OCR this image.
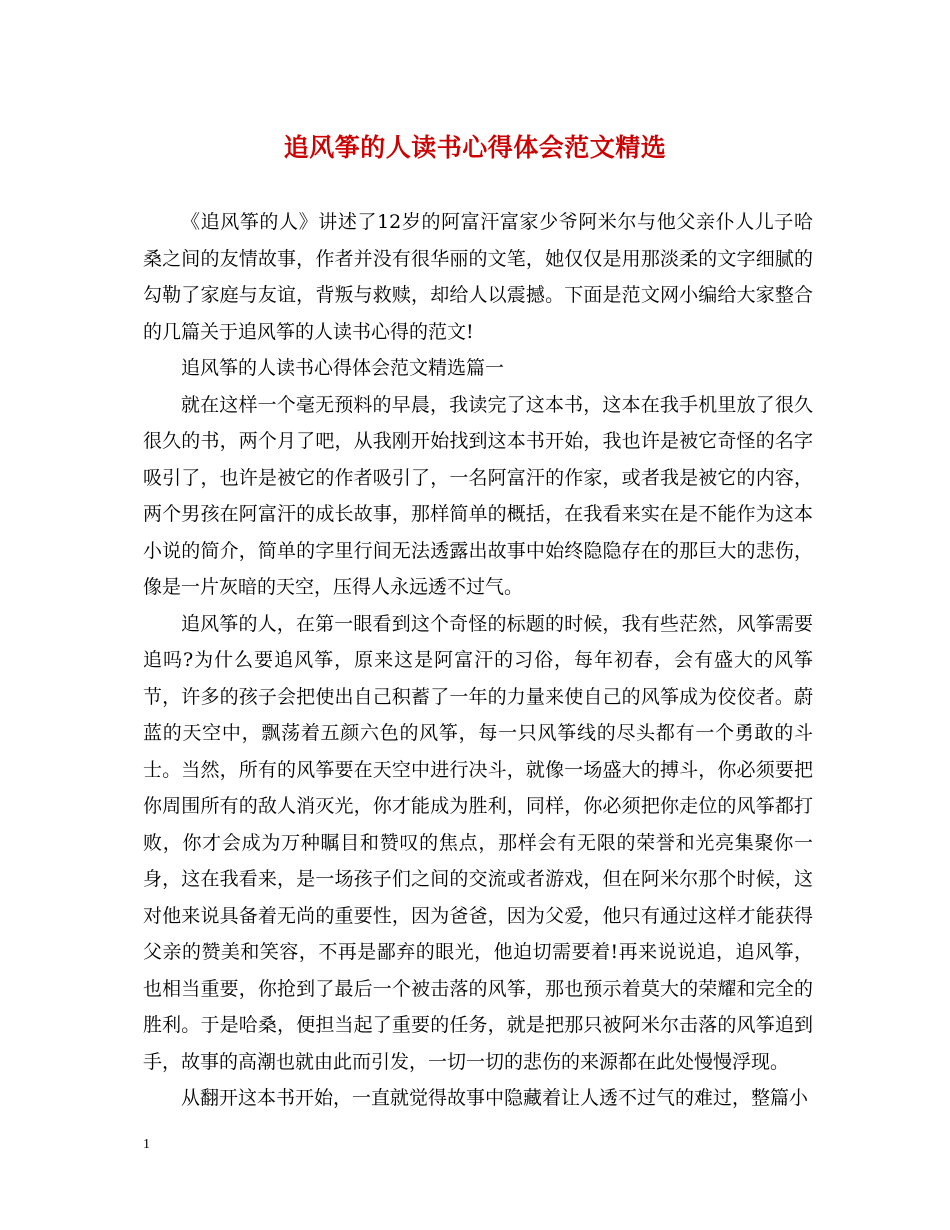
追风筝的人读书心得体会范文精选

《追风筝的人》讲述了12岁的阿富汗富家少爷阿米尔与他父亲仆人儿子哈桑之间的友情故事，作者并没有很华丽的文笔，她仅仅是用那淡柔的文字细腻的勾勒了家庭与友谊，背叛与救赎，却给人以震撼。下面是范文网小编给大家整合的几篇关于追风筝的人读书心得的范文!

追风筝的人读书心得体会范文精选篇一

就在这样一个毫无预料的早晨，我读完了这本书，这本在我手机里放了很久很久的书，两个月了吧，从我刚开始找到这本书开始，我也许是被它奇怪的名字吸引了，也许是被它的作者吸引了，一名阿富汗的作家，或者我是被它的内容，两个男孩在阿富汗的成长故事，那样简单的概括，在我看来实在是不能作为这本小说的简介，简单的字里行间无法透露出故事中始终隐隐存在的那巨大的悲伤，像是一片灰暗的天空，压得人永远透不过气。

追风筝的人，在第一眼看到这个奇怪的标题的时候，我有些茫然，风筝需要追吗?为什么要追风筝，原来这是阿富汗的习俗，每年初春，会有盛大的风筝节，许多的孩子会把使出自己积蓄了一年的力量来使自己的风筝成为佼佼者。蔚蓝的天空中，飘荡着五颜六色的风筝，每一只风筝线的尽头都有一个勇敢的斗士。当然，所有的风筝要在天空中进行决斗，就像一场盛大的搏斗，你必须要把你周围所有的敌人消灭光，你才能成为胜利，同样，你必须把你走位的风筝都打败，你才会成为万种瞩目和赞叹的焦点，那样会有无限的荣誉和光亮集聚你一身，这在我看来，是一场孩子们之间的交流或者游戏，但在阿米尔那个时候，这对他来说具备着无尚的重要性，因为爸爸，因为父爱，他只有通过这样才能获得父亲的赞美和笑容，不再是鄙弃的眼光，他迫切需要着!再来说说追，追风筝，也相当重要，你抢到了最后一个被击落的风筝，那也预示着莫大的荣耀和完全的胜利。于是哈桑，便担当起了重要的任务，就是把那只被阿米尔击落的风筝追到手，故事的高潮也就由此而引发，一切一切的悲伤的来源都在此处慢慢浮现。

从翻开这本书开始，一直就觉得故事中隐藏着让人透不过气的难过，整篇小

1
